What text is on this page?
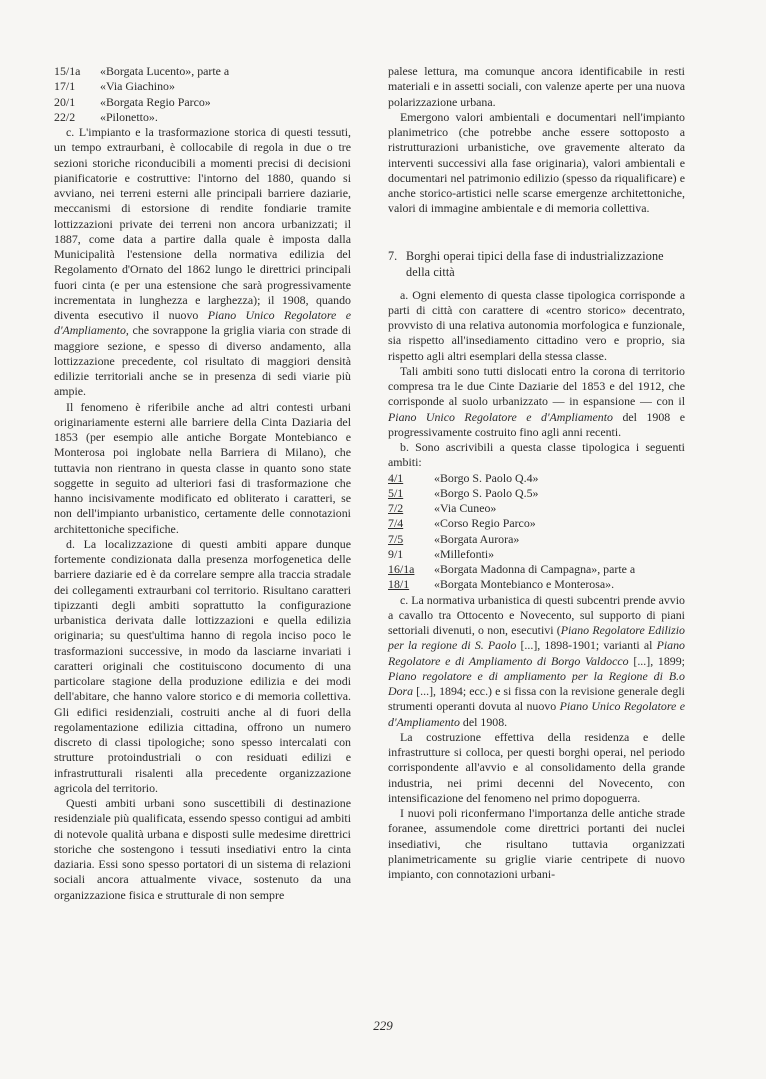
15/1a	«Borgata Lucento», parte a
17/1	«Via Giachino»
20/1	«Borgata Regio Parco»
22/2	«Pilonetto».

c. L'impianto e la trasformazione storica di questi tessuti, un tempo extraurbani, è collocabile di regola in due o tre sezioni storiche riconducibili a momenti precisi di decisioni pianificatorie e costruttive: l'intorno del 1880, quando si avviano, nei terreni esterni alle principali barriere daziarie, meccanismi di estorsione di rendite fondiarie tramite lottizzazioni private dei terreni non ancora urbanizzati; il 1887, come data a partire dalla quale è imposta dalla Municipalità l'estensione della normativa edilizia del Regolamento d'Ornato del 1862 lungo le direttrici principali fuori cinta (e per una estensione che sarà progressivamente incrementata in lunghezza e larghezza); il 1908, quando diventa esecutivo il nuovo Piano Unico Regolatore e d'Ampliamento, che sovrappone la griglia viaria con strade di maggiore sezione, e spesso di diverso andamento, alla lottizzazione precedente, col risultato di maggiori densità edilizie territoriali anche se in presenza di sedi viarie più ampie.

Il fenomeno è riferibile anche ad altri contesti urbani originariamente esterni alle barriere della Cinta Daziaria del 1853 (per esempio alle antiche Borgate Montebianco e Monterosa poi inglobate nella Barriera di Milano), che tuttavia non rientrano in questa classe in quanto sono state soggette in seguito ad ulteriori fasi di trasformazione che hanno incisivamente modificato ed obliterato i caratteri, se non dell'impianto urbanistico, certamente delle connotazioni architettoniche specifiche.

d. La localizzazione di questi ambiti appare dunque fortemente condizionata dalla presenza morfogenetica delle barriere daziarie ed è da correlare sempre alla traccia stradale dei collegamenti extraurbani col territorio. Risultano caratteri tipizzanti degli ambiti soprattutto la configurazione urbanistica derivata dalle lottizzazioni e quella edilizia originaria; su quest'ultima hanno di regola inciso poco le trasformazioni successive, in modo da lasciarne invariati i caratteri originali che costituiscono documento di una particolare stagione della produzione edilizia e dei modi dell'abitare, che hanno valore storico e di memoria collettiva. Gli edifici residenziali, costruiti anche al di fuori della regolamentazione edilizia cittadina, offrono un numero discreto di classi tipologiche; sono spesso intercalati con strutture protoindustriali o con residuati edilizi e infrastrutturali risalenti alla precedente organizzazione agricola del territorio.

Questi ambiti urbani sono suscettibili di destinazione residenziale più qualificata, essendo spesso contigui ad ambiti di notevole qualità urbana e disposti sulle medesime direttrici storiche che sostengono i tessuti insediativi entro la cinta daziaria. Essi sono spesso portatori di un sistema di relazioni sociali ancora attualmente vivace, sostenuto da una organizzazione fisica e strutturale di non sempre

palese lettura, ma comunque ancora identificabile in resti materiali e in assetti sociali, con valenze aperte per una nuova polarizzazione urbana.

Emergono valori ambientali e documentari nell'impianto planimetrico (che potrebbe anche essere sottoposto a ristrutturazioni urbanistiche, ove gravemente alterato da interventi successivi alla fase originaria), valori ambientali e documentari nel patrimonio edilizio (spesso da riqualificare) e anche storico-artistici nelle scarse emergenze architettoniche, valori di immagine ambientale e di memoria collettiva.

7. Borghi operai tipici della fase di industrializzazione della città

a. Ogni elemento di questa classe tipologica corrisponde a parti di città con carattere di «centro storico» decentrato, provvisto di una relativa autonomia morfologica e funzionale, sia rispetto all'insediamento cittadino vero e proprio, sia rispetto agli altri esemplari della stessa classe.

Tali ambiti sono tutti dislocati entro la corona di territorio compresa tra le due Cinte Daziarie del 1853 e del 1912, che corrisponde al suolo urbanizzato — in espansione — con il Piano Unico Regolatore e d'Ampliamento del 1908 e progressivamente costruito fino agli anni recenti.

b. Sono ascrivibili a questa classe tipologica i seguenti ambiti:

4/1	«Borgo S. Paolo Q.4»
5/1	«Borgo S. Paolo Q.5»
7/2	«Via Cuneo»
7/4	«Corso Regio Parco»
7/5	«Borgata Aurora»
9/1	«Millefonti»
16/1a	«Borgata Madonna di Campagna», parte a
18/1	«Borgata Montebianco e Monterosa».

c. La normativa urbanistica di questi subcentri prende avvio a cavallo tra Ottocento e Novecento, sul supporto di piani settoriali divenuti, o non, esecutivi (Piano Regolatore Edilizio per la regione di S. Paolo [...], 1898-1901; varianti al Piano Regolatore e di Ampliamento di Borgo Valdocco [...], 1899; Piano regolatore e di ampliamento per la Regione di B.o Dora [...], 1894; ecc.) e si fissa con la revisione generale degli strumenti operanti dovuta al nuovo Piano Unico Regolatore e d'Ampliamento del 1908.

La costruzione effettiva della residenza e delle infrastrutture si colloca, per questi borghi operai, nel periodo corrispondente all'avvio e al consolidamento della grande industria, nei primi decenni del Novecento, con intensificazione del fenomeno nel primo dopoguerra.

I nuovi poli riconfermano l'importanza delle antiche strade foranee, assumendole come direttrici portanti dei nuclei insediativi, che risultano tuttavia organizzati planimetricamente su griglie viarie centripete di nuovo impianto, con connotazioni urbani-

229
